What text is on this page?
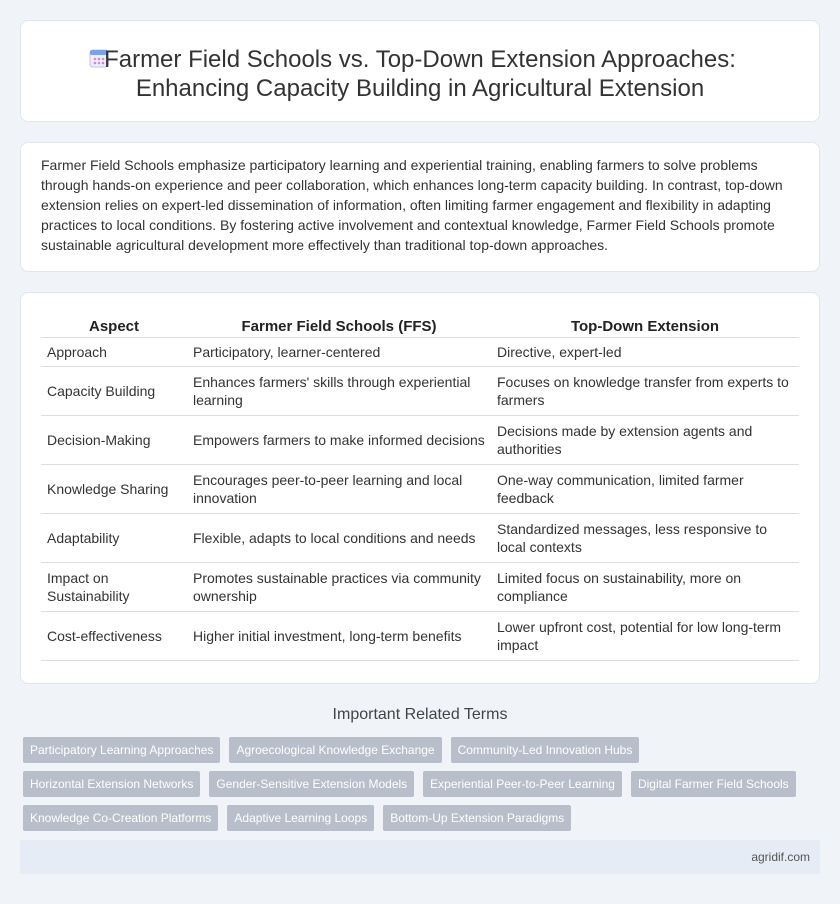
Farmer Field Schools vs. Top-Down Extension Approaches:
Enhancing Capacity Building in Agricultural Extension

Farmer Field Schools emphasize participatory learning and experiential training, enabling farmers to solve problems through hands-on experience and peer collaboration, which enhances long-term capacity building. In contrast, top-down extension relies on expert-led dissemination of information, often limiting farmer engagement and flexibility in adapting practices to local conditions. By fostering active involvement and contextual knowledge, Farmer Field Schools promote sustainable agricultural development more effectively than traditional top-down approaches.

Aspect	Farmer Field Schools (FFS)	Top-Down Extension
Approach	Participatory, learner-centered	Directive, expert-led
Capacity Building	Enhances farmers' skills through experiential learning	Focuses on knowledge transfer from experts to farmers
Decision-Making	Empowers farmers to make informed decisions	Decisions made by extension agents and authorities
Knowledge Sharing	Encourages peer-to-peer learning and local innovation	One-way communication, limited farmer feedback
Adaptability	Flexible, adapts to local conditions and needs	Standardized messages, less responsive to local contexts
Impact on Sustainability	Promotes sustainable practices via community ownership	Limited focus on sustainability, more on compliance
Cost-effectiveness	Higher initial investment, long-term benefits	Lower upfront cost, potential for low long-term impact
Important Related Terms
Participatory Learning Approaches	Agroecological Knowledge Exchange	Community-Led Innovation Hubs
Horizontal Extension Networks	Gender-Sensitive Extension Models	Experiential Peer-to-Peer Learning	Digital Farmer Field Schools
Knowledge Co-Creation Platforms	Adaptive Learning Loops	Bottom-Up Extension Paradigms
agridif.com
